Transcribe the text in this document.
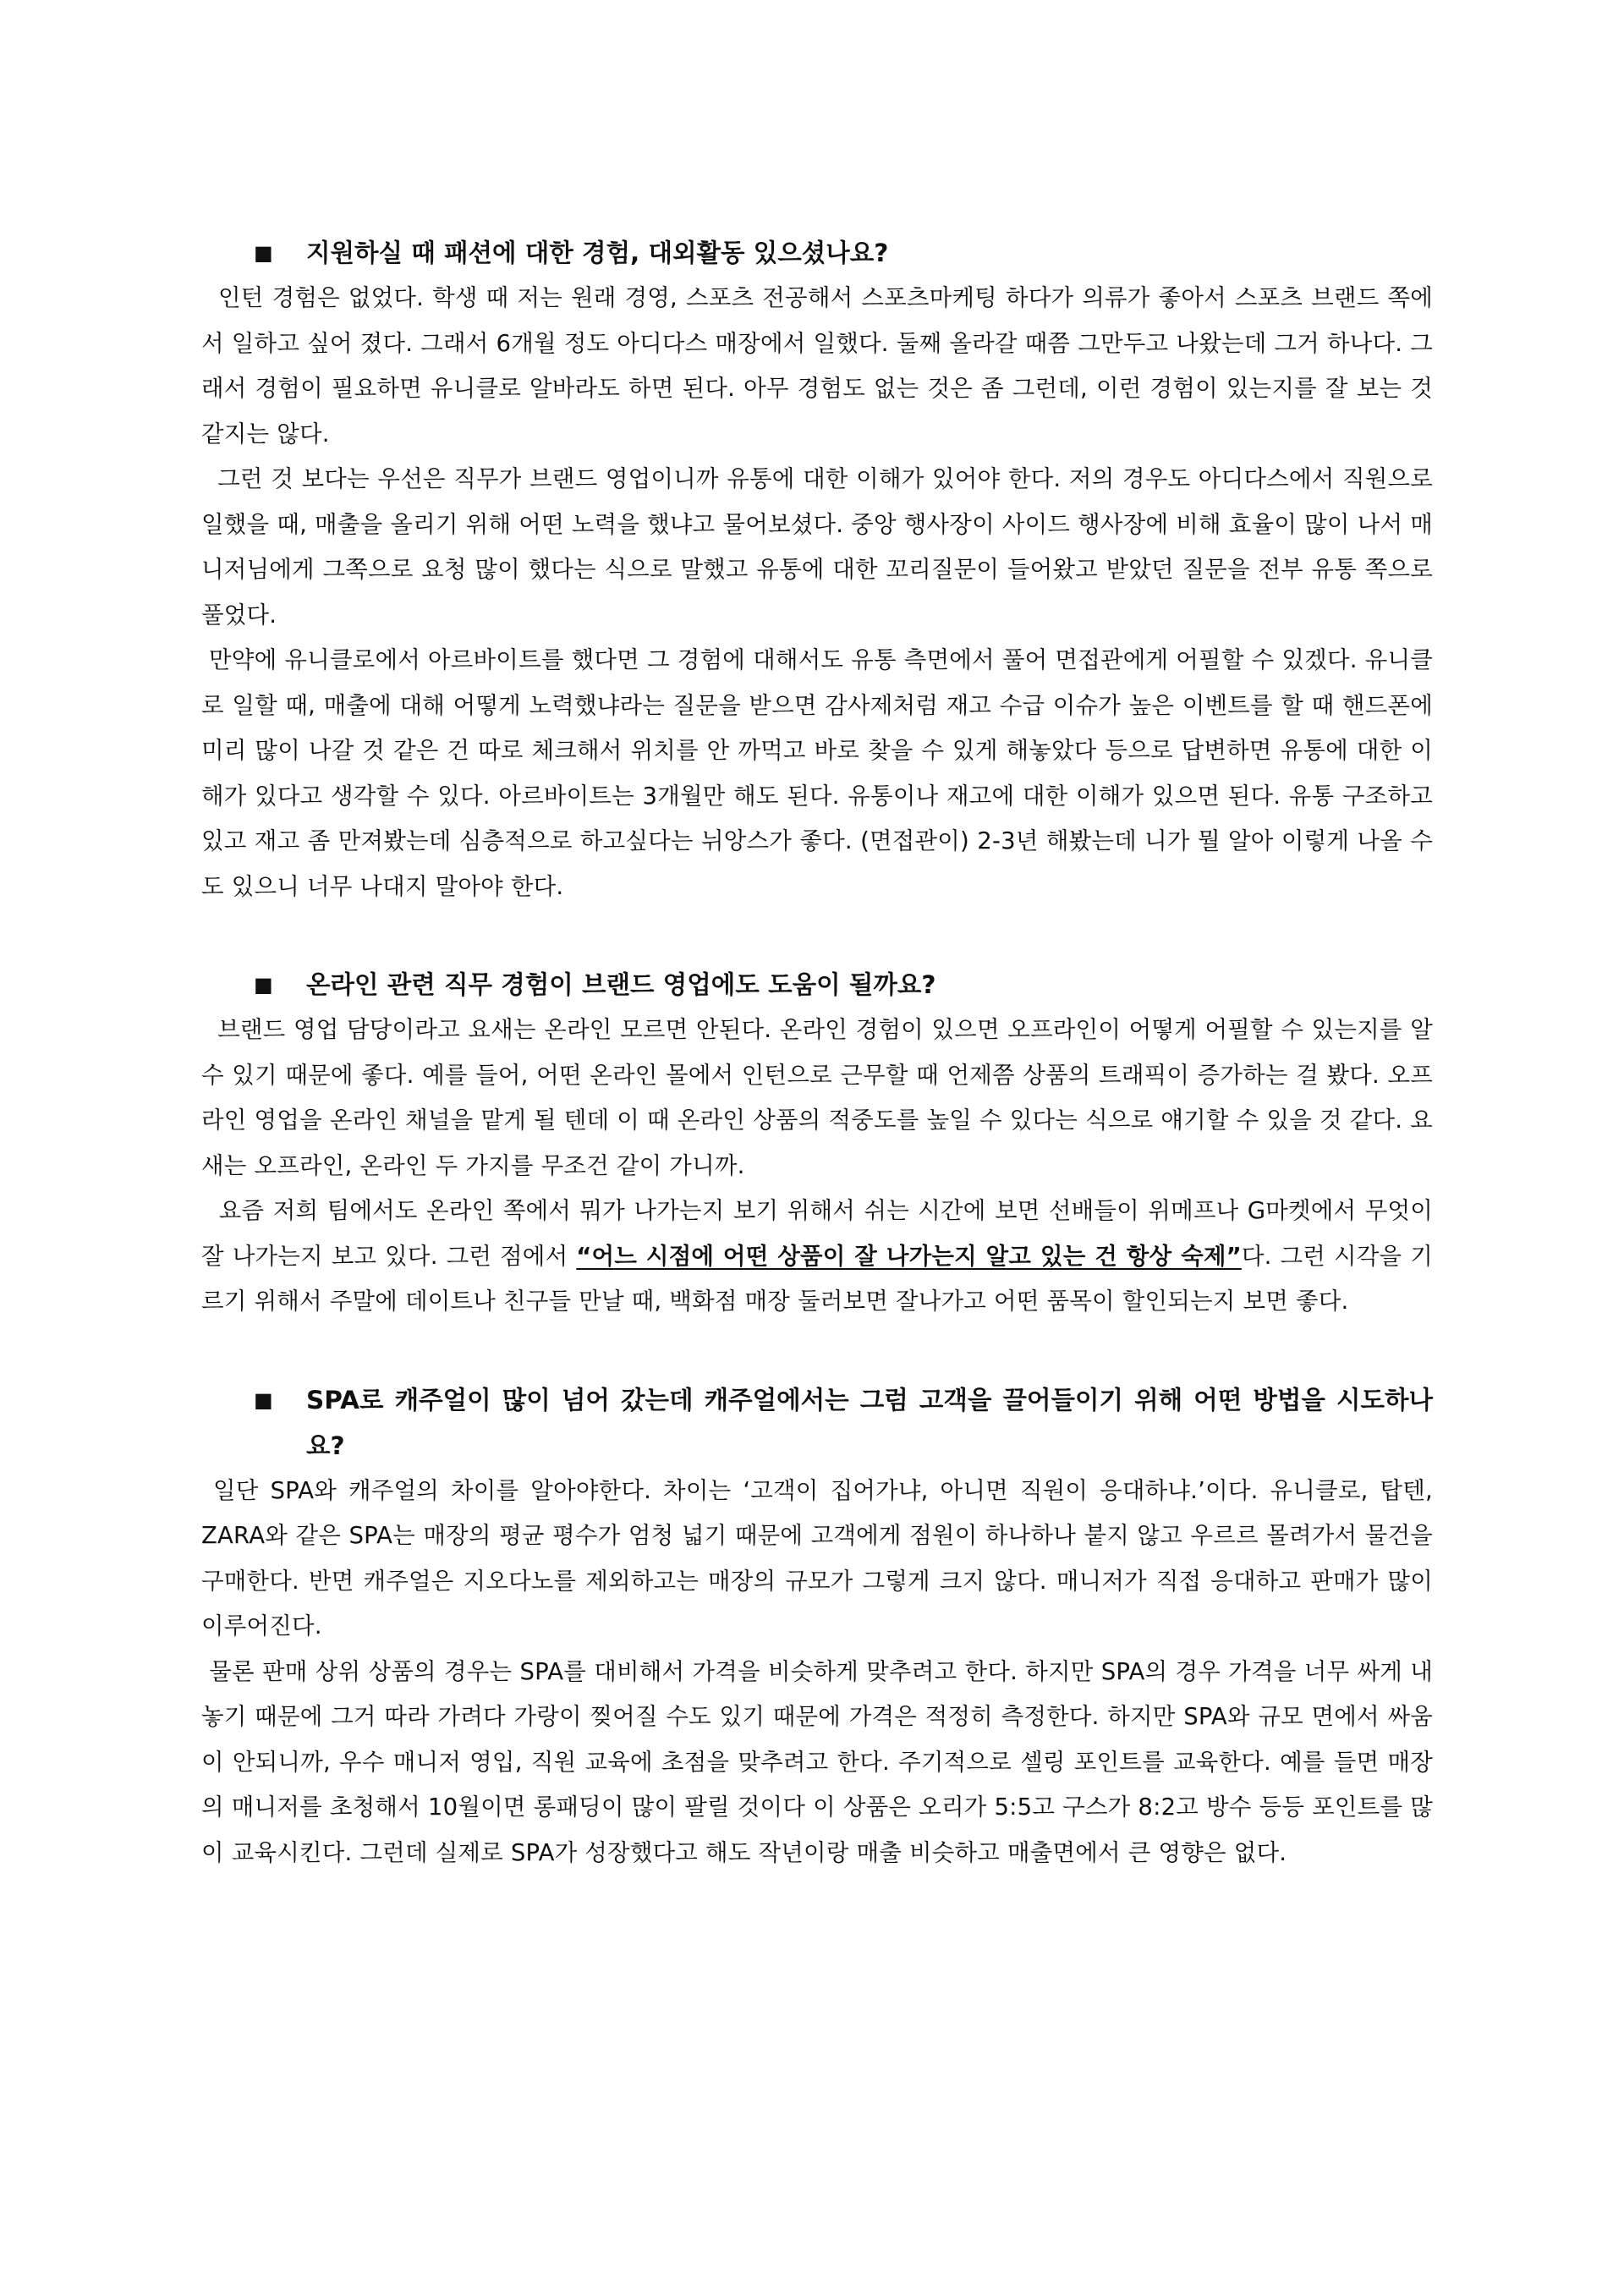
■	지원하실 때 패션에 대한 경험, 대외활동 있으셨나요?

인턴 경험은 없었다. 학생 때 저는 원래 경영, 스포츠 전공해서 스포츠마케팅 하다가 의류가 좋아서 스포츠 브랜드 쪽에서 일하고 싶어 졌다. 그래서 6개월 정도 아디다스 매장에서 일했다. 둘째 올라갈 때쯤 그만두고 나왔는데 그거 하나다. 그래서 경험이 필요하면 유니클로 알바라도 하면 된다. 아무 경험도 없는 것은 좀 그런데, 이런 경험이 있는지를 잘 보는 것 같지는 않다.

그런 것 보다는 우선은 직무가 브랜드 영업이니까 유통에 대한 이해가 있어야 한다. 저의 경우도 아디다스에서 직원으로 일했을 때, 매출을 올리기 위해 어떤 노력을 했냐고 물어보셨다. 중앙 행사장이 사이드 행사장에 비해 효율이 많이 나서 매니저님에게 그쪽으로 요청 많이 했다는 식으로 말했고 유통에 대한 꼬리질문이 들어왔고 받았던 질문을 전부 유통 쪽으로 풀었다.

만약에 유니클로에서 아르바이트를 했다면 그 경험에 대해서도 유통 측면에서 풀어 면접관에게 어필할 수 있겠다. 유니클로 일할 때, 매출에 대해 어떻게 노력했냐라는 질문을 받으면 감사제처럼 재고 수급 이슈가 높은 이벤트를 할 때 핸드폰에 미리 많이 나갈 것 같은 건 따로 체크해서 위치를 안 까먹고 바로 찾을 수 있게 해놓았다 등으로 답변하면 유통에 대한 이해가 있다고 생각할 수 있다. 아르바이트는 3개월만 해도 된다. 유통이나 재고에 대한 이해가 있으면 된다. 유통 구조하고 있고 재고 좀 만져봤는데 심층적으로 하고싶다는 뉘앙스가 좋다. (면접관이) 2-3년 해봤는데 니가 뭘 알아 이렇게 나올 수도 있으니 너무 나대지 말아야 한다.

■	온라인 관련 직무 경험이 브랜드 영업에도 도움이 될까요?

브랜드 영업 담당이라고 요새는 온라인 모르면 안된다. 온라인 경험이 있으면 오프라인이 어떻게 어필할 수 있는지를 알 수 있기 때문에 좋다. 예를 들어, 어떤 온라인 몰에서 인턴으로 근무할 때 언제쯤 상품의 트래픽이 증가하는 걸 봤다. 오프라인 영업을 온라인 채널을 맡게 될 텐데 이 때 온라인 상품의 적중도를 높일 수 있다는 식으로 얘기할 수 있을 것 같다. 요새는 오프라인, 온라인 두 가지를 무조건 같이 가니까.

요즘 저희 팀에서도 온라인 쪽에서 뭐가 나가는지 보기 위해서 쉬는 시간에 보면 선배들이 위메프나 G마켓에서 무엇이 잘 나가는지 보고 있다. 그런 점에서 “어느 시점에 어떤 상품이 잘 나가는지 알고 있는 건 항상 숙제”다. 그런 시각을 기르기 위해서 주말에 데이트나 친구들 만날 때, 백화점 매장 둘러보면 잘나가고 어떤 품목이 할인되는지 보면 좋다.

■	SPA로 캐주얼이 많이 넘어 갔는데 캐주얼에서는 그럼 고객을 끌어들이기 위해 어떤 방법을 시도하나요?

일단 SPA와 캐주얼의 차이를 알아야한다. 차이는 ‘고객이 집어가냐, 아니면 직원이 응대하냐.’이다. 유니클로, 탑텐, ZARA와 같은 SPA는 매장의 평균 평수가 엄청 넓기 때문에 고객에게 점원이 하나하나 붙지 않고 우르르 몰려가서 물건을 구매한다. 반면 캐주얼은 지오다노를 제외하고는 매장의 규모가 그렇게 크지 않다. 매니저가 직접 응대하고 판매가 많이 이루어진다.

물론 판매 상위 상품의 경우는 SPA를 대비해서 가격을 비슷하게 맞추려고 한다. 하지만 SPA의 경우 가격을 너무 싸게 내놓기 때문에 그거 따라 가려다 가랑이 찢어질 수도 있기 때문에 가격은 적정히 측정한다. 하지만 SPA와 규모 면에서 싸움이 안되니까, 우수 매니저 영입, 직원 교육에 초점을 맞추려고 한다. 주기적으로 셀링 포인트를 교육한다. 예를 들면 매장의 매니저를 초청해서 10월이면 롱패딩이 많이 팔릴 것이다 이 상품은 오리가 5:5고 구스가 8:2고 방수 등등 포인트를 많이 교육시킨다. 그런데 실제로 SPA가 성장했다고 해도 작년이랑 매출 비슷하고 매출면에서 큰 영향은 없다.
